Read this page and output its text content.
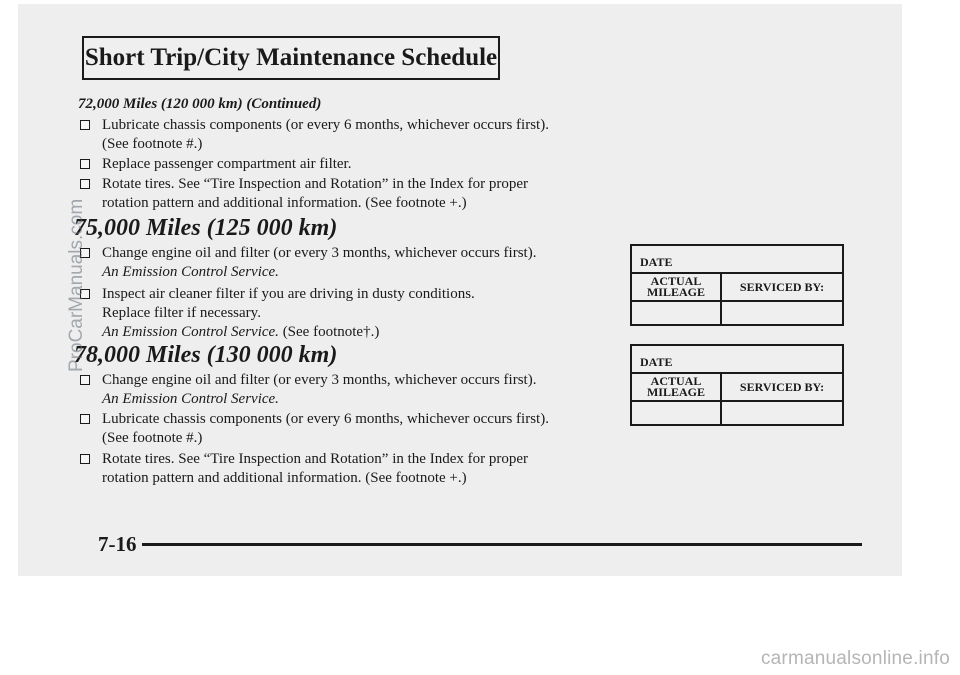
Short Trip/City Maintenance Schedule
72,000 Miles (120 000 km) (Continued)
Lubricate chassis components (or every 6 months, whichever occurs first).
(See footnote #.)
Replace passenger compartment air filter.
Rotate tires. See “Tire Inspection and Rotation” in the Index for proper
rotation pattern and additional information. (See footnote +.)
75,000 Miles (125 000 km)
Change engine oil and filter (or every 3 months, whichever occurs first).
An Emission Control Service.
Inspect air cleaner filter if you are driving in dusty conditions.
Replace filter if necessary.
An Emission Control Service. (See footnote†.)
78,000 Miles (130 000 km)
Change engine oil and filter (or every 3 months, whichever occurs first).
An Emission Control Service.
Lubricate chassis components (or every 6 months, whichever occurs first).
(See footnote #.)
Rotate tires. See “Tire Inspection and Rotation” in the Index for proper
rotation pattern and additional information. (See footnote +.)
DATE
ACTUAL
MILEAGE	SERVICED BY:
DATE
ACTUAL
MILEAGE	SERVICED BY:
7-16
ProCarManuals.com
carmanualsonline.info
